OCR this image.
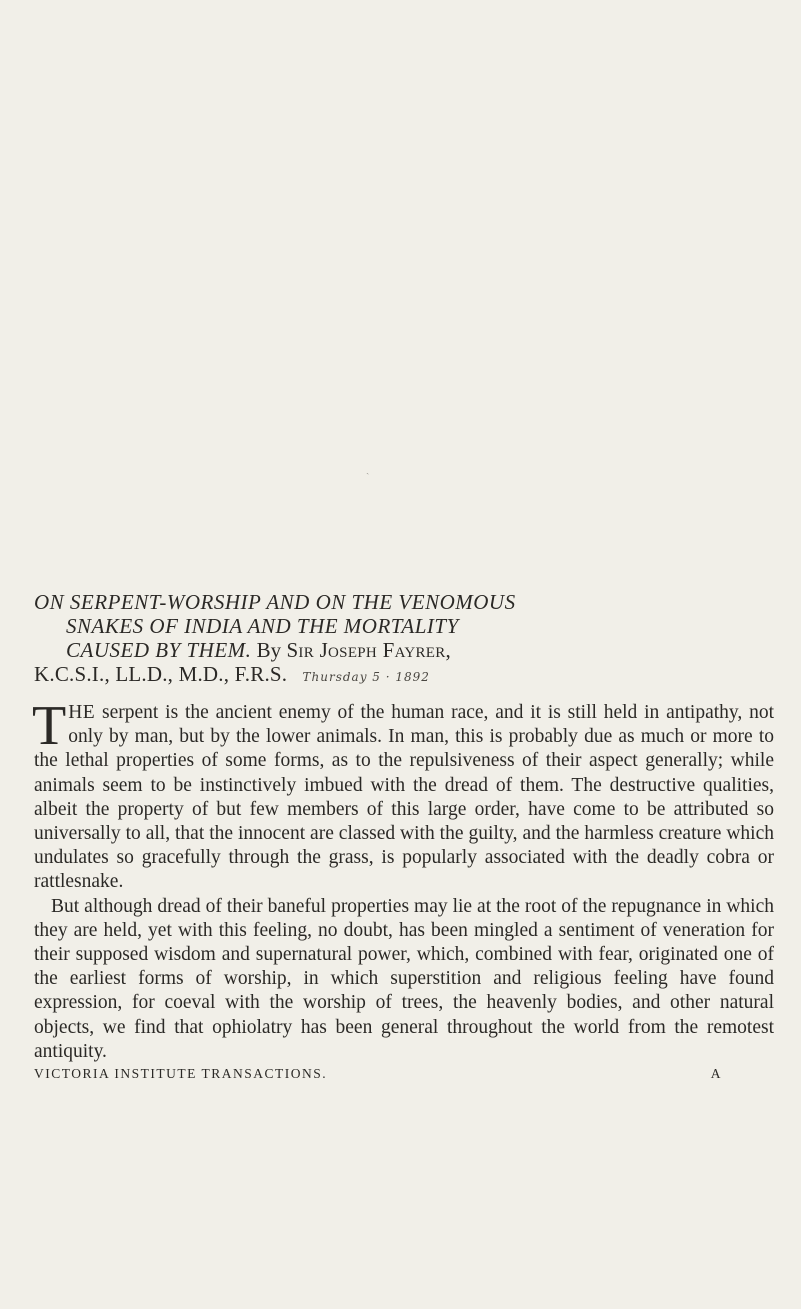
ˎ
ON SERPENT-WORSHIP AND ON THE VENOMOUS
SNAKES OF INDIA AND THE MORTALITY
CAUSED BY THEM. By Sir Joseph Fayrer,
K.C.S.I., LL.D., M.D., F.R.S. Thursday 5 · 1892

THE serpent is the ancient enemy of the human race, and it is still held in antipathy, not only by man, but by the lower animals. In man, this is probably due as much or more to the lethal properties of some forms, as to the repulsiveness of their aspect generally; while animals seem to be instinctively imbued with the dread of them. The destructive qualities, albeit the property of but few members of this large order, have come to be attributed so universally to all, that the innocent are classed with the guilty, and the harmless creature which undulates so gracefully through the grass, is popularly associated with the deadly cobra or rattlesnake.

But although dread of their baneful properties may lie at the root of the repugnance in which they are held, yet with this feeling, no doubt, has been mingled a sentiment of veneration for their supposed wisdom and supernatural power, which, combined with fear, originated one of the earliest forms of worship, in which superstition and religious feeling have found expression, for coeval with the worship of trees, the heavenly bodies, and other natural objects, we find that ophiolatry has been general throughout the world from the remotest antiquity.

VICTORIA INSTITUTE TRANSACTIONS.	A
